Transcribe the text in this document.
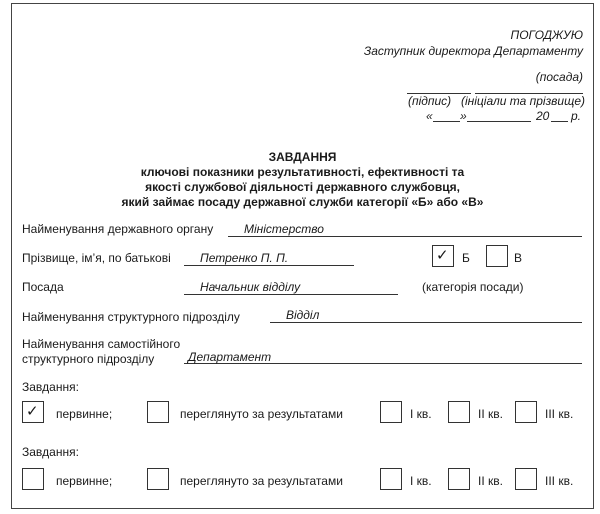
ПОГОДЖУЮ
Заступник директора Департаменту
(посада)
(підпис) (ініціали та прізвище)
« »	20 р.
ЗАВДАННЯ
ключові показники результативності, ефективності та
якості службової діяльності державного службовця,
який займає посаду державної служби категорії «Б» або «В»
Найменування державного органу	Міністерство
Прізвище, ім’я, по батькові Петренко П. П.	✓ Б	В
Посада	Начальник відділу	(категорія посади)
Найменування структурного підрозділу	Відділ
Найменування самостійного
структурного підрозділу	Департамент
Завдання:
✓ первинне;	переглянуто за результатами	I кв.	II кв.	III кв.
Завдання:
первинне;	переглянуто за результатами	I кв.	II кв.	III кв.
